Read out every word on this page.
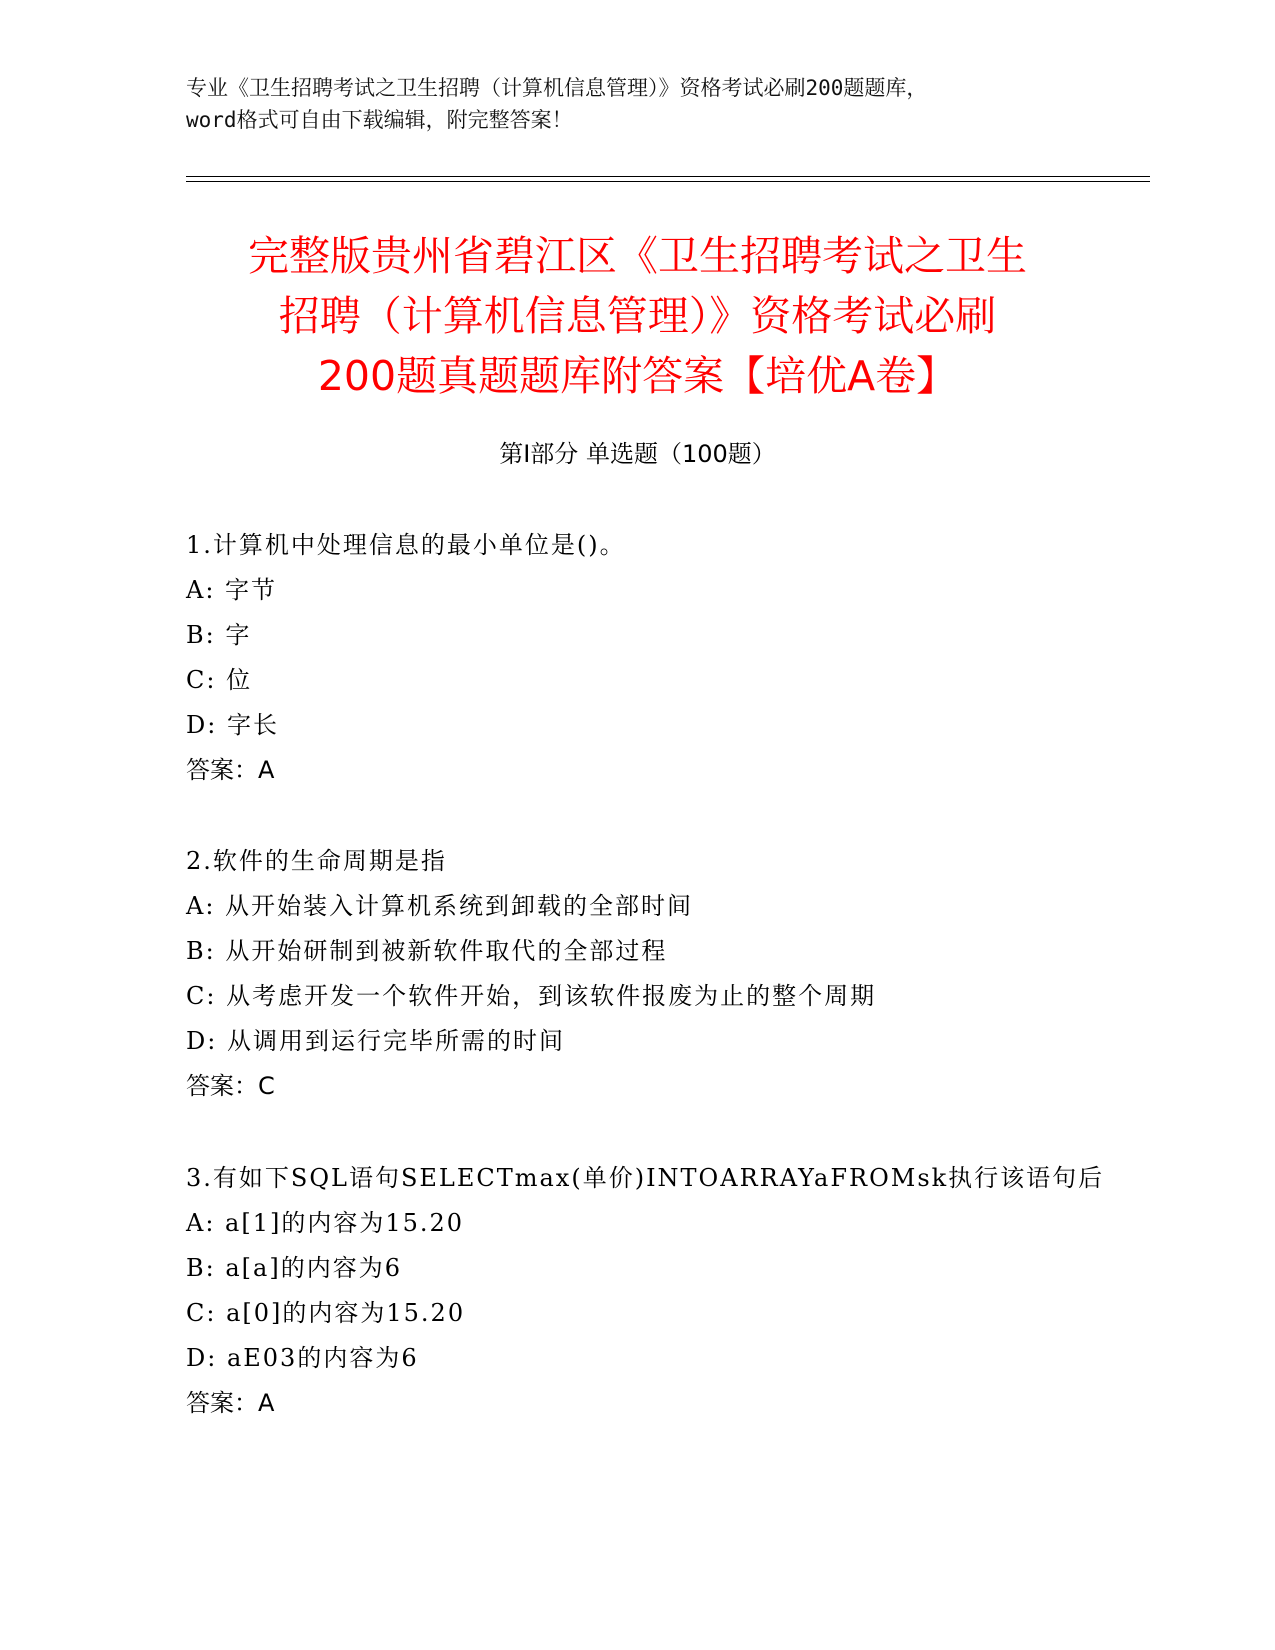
专业《卫生招聘考试之卫生招聘（计算机信息管理）》资格考试必刷200题题库，
word格式可自由下载编辑，附完整答案！
完整版贵州省碧江区《卫生招聘考试之卫生
招聘（计算机信息管理）》资格考试必刷
200题真题题库附答案【培优A卷】
第I部分 单选题（100题）
1.计算机中处理信息的最小单位是()。
A: 字节
B: 字
C: 位
D: 字长
答案：A
2.软件的生命周期是指
A: 从开始装入计算机系统到卸载的全部时间
B: 从开始研制到被新软件取代的全部过程
C: 从考虑开发一个软件开始，到该软件报废为止的整个周期
D: 从调用到运行完毕所需的时间
答案：C
3.有如下SQL语句SELECTmax(单价)INTOARRAYaFROMsk执行该语句后
A: a[1]的内容为15.20
B: a[a]的内容为6
C: a[0]的内容为15.20
D: aE03的内容为6
答案：A
